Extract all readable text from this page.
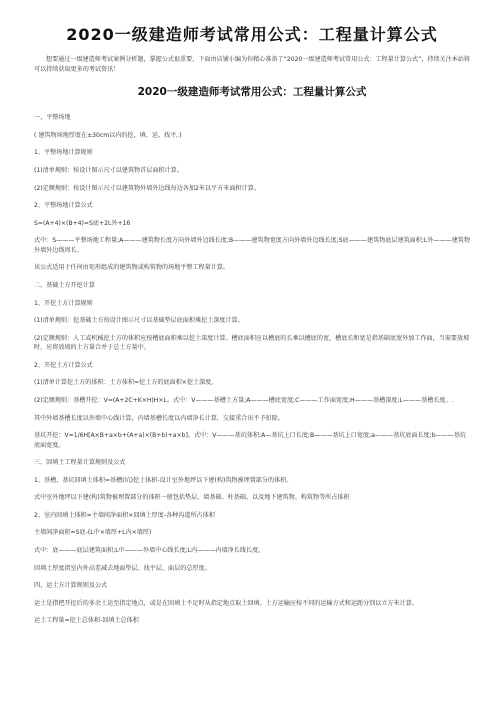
2020一级建造师考试常用公式：工程量计算公式

想要通过一级建造师考试案例分析题，掌握公式很重要，下面由店铺小编为你精心准备了“2020一级建造师考试常用公式：工程量计算公式”，持续关注本站将可以持续获取更多的考试资讯！

2020一级建造师考试常用公式：工程量计算公式

一、平整场地

( 建筑物场地厚度在±30cm以内的挖、填、运、找平。)

1、平整场地计算规则

(1)清单规则：按设计图示尺寸以建筑物首层面积计算。

(2)定额规则：按设计图示尺寸以建筑物外墙外边线每边各加2米以平方米面积计算。

2、平整场地计算公式

S=(A+4)×(B+4)=S底+2L外+16

式中：S———平整场地工程量;A———建筑物长度方向外墙外边线长度;B———建筑物宽度方向外墙外边线长度;S底———建筑物底层建筑面积;L外———建筑物外墙外边线周长。

该公式适用于任何由矩形组成的建筑物或构筑物的场地平整工程量计算。

二、基础土方开挖计算

1、开挖土方计算规则

(1)清单规则：挖基础土方按设计图示尺寸以基础垫层底面积乘挖土深度计算。

(2)定额规则：人工或机械挖土方的体积应按槽底面积乘以挖土深度计算。槽底面积应以槽底的长乘以槽底的宽，槽底长和宽是指基础底宽外加工作面，当需要放坡时，应将放坡的土方量合并于总土方量中。

2、开挖土方计算公式

(1)清单计算挖土方的体积：土方体积=挖土方的底面积×挖土深度。

(2)定额规则：基槽开挖：V=(A+2C+K×H)H×L。式中：V———基槽土方量;A———槽底宽度;C———工作面宽度;H———基槽深度;L———基槽长度。.

其中外墙基槽长度以外墙中心线计算，内墙基槽长度以内墙净长计算，交接重合出不予扣除。

基坑开挖：V=1/6H[A×B+a×b+(A+a)×(B+b)+a×b]。式中：V———基坑体积;A—基坑上口长度;B———基坑上口宽度;a———基坑底面长度;b———基坑底面宽度。

三、回填土工程量计算规则及公式

1、基槽、基坑回填土体积=基槽(坑)挖土体积-设计室外地坪以下建(构)筑物被埋置部分的体积。

式中室外地坪以下建(构)筑物被埋置部分的体积一般包括垫层、墙基础、柱基础、以及地下建筑物、构筑物等所占体积

2、室内回填土体积=主墙间净面积×回填土厚度-各种沟道所占体积

主墙间净面积=S底-(L中×墙厚+L内×墙厚)

式中：底———底层建筑面积;L中———外墙中心线长度;L内———内墙净长线长度。

回填土厚度指室内外高差减去地面垫层、找平层、面层的总厚度。

四、运土方计算规则及公式

运土是指把开挖后的多余土运至指定地点，或是在回填土不足时从指定地点取土回填。土方运输应按不同的运输方式和运距分别以立方米计算。

运土工程量=挖土总体积-回填土总体积
